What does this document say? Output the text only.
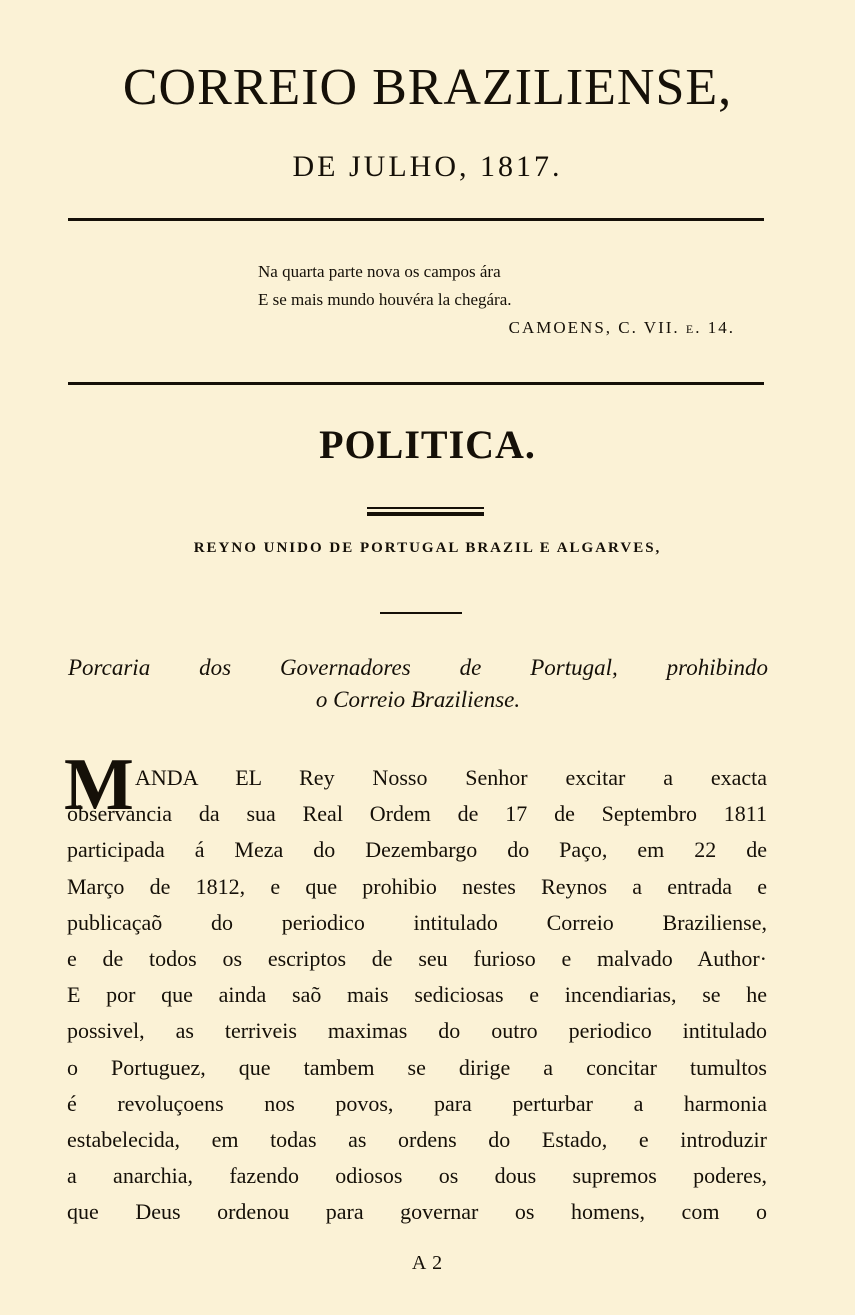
CORREIO BRAZILIENSE,
DE JULHO, 1817.
Na quarta parte nova os campos ára
E se mais mundo houvéra la chegára.
CAMOENS, C. VII. e. 14.
POLITICA.
REYNO UNIDO DE PORTUGAL BRAZIL E ALGARVES,
Porcaria dos Governadores de Portugal, prohibindo
o Correio Braziliense.
M ANDA EL Rey Nosso Senhor excitar a exacta
observancia da sua Real Ordem de 17 de Septembro 1811
participada á Meza do Dezembargo do Paço, em 22 de
Março de 1812, e que prohibio nestes Reynos a entrada e
publicaçaõ do periodico intitulado Correio Braziliense,
e de todos os escriptos de seu furioso e malvado Author·
E por que ainda saõ mais sediciosas e incendiarias, se he
possivel, as terriveis maximas do outro periodico intitulado
o Portuguez, que tambem se dirige a concitar tumultos
é revoluçoens nos povos, para perturbar a harmonia
estabelecida, em todas as ordens do Estado, e introduzir
a anarchia, fazendo odiosos os dous supremos poderes,
que Deus ordenou para governar os homens, com o
A 2
